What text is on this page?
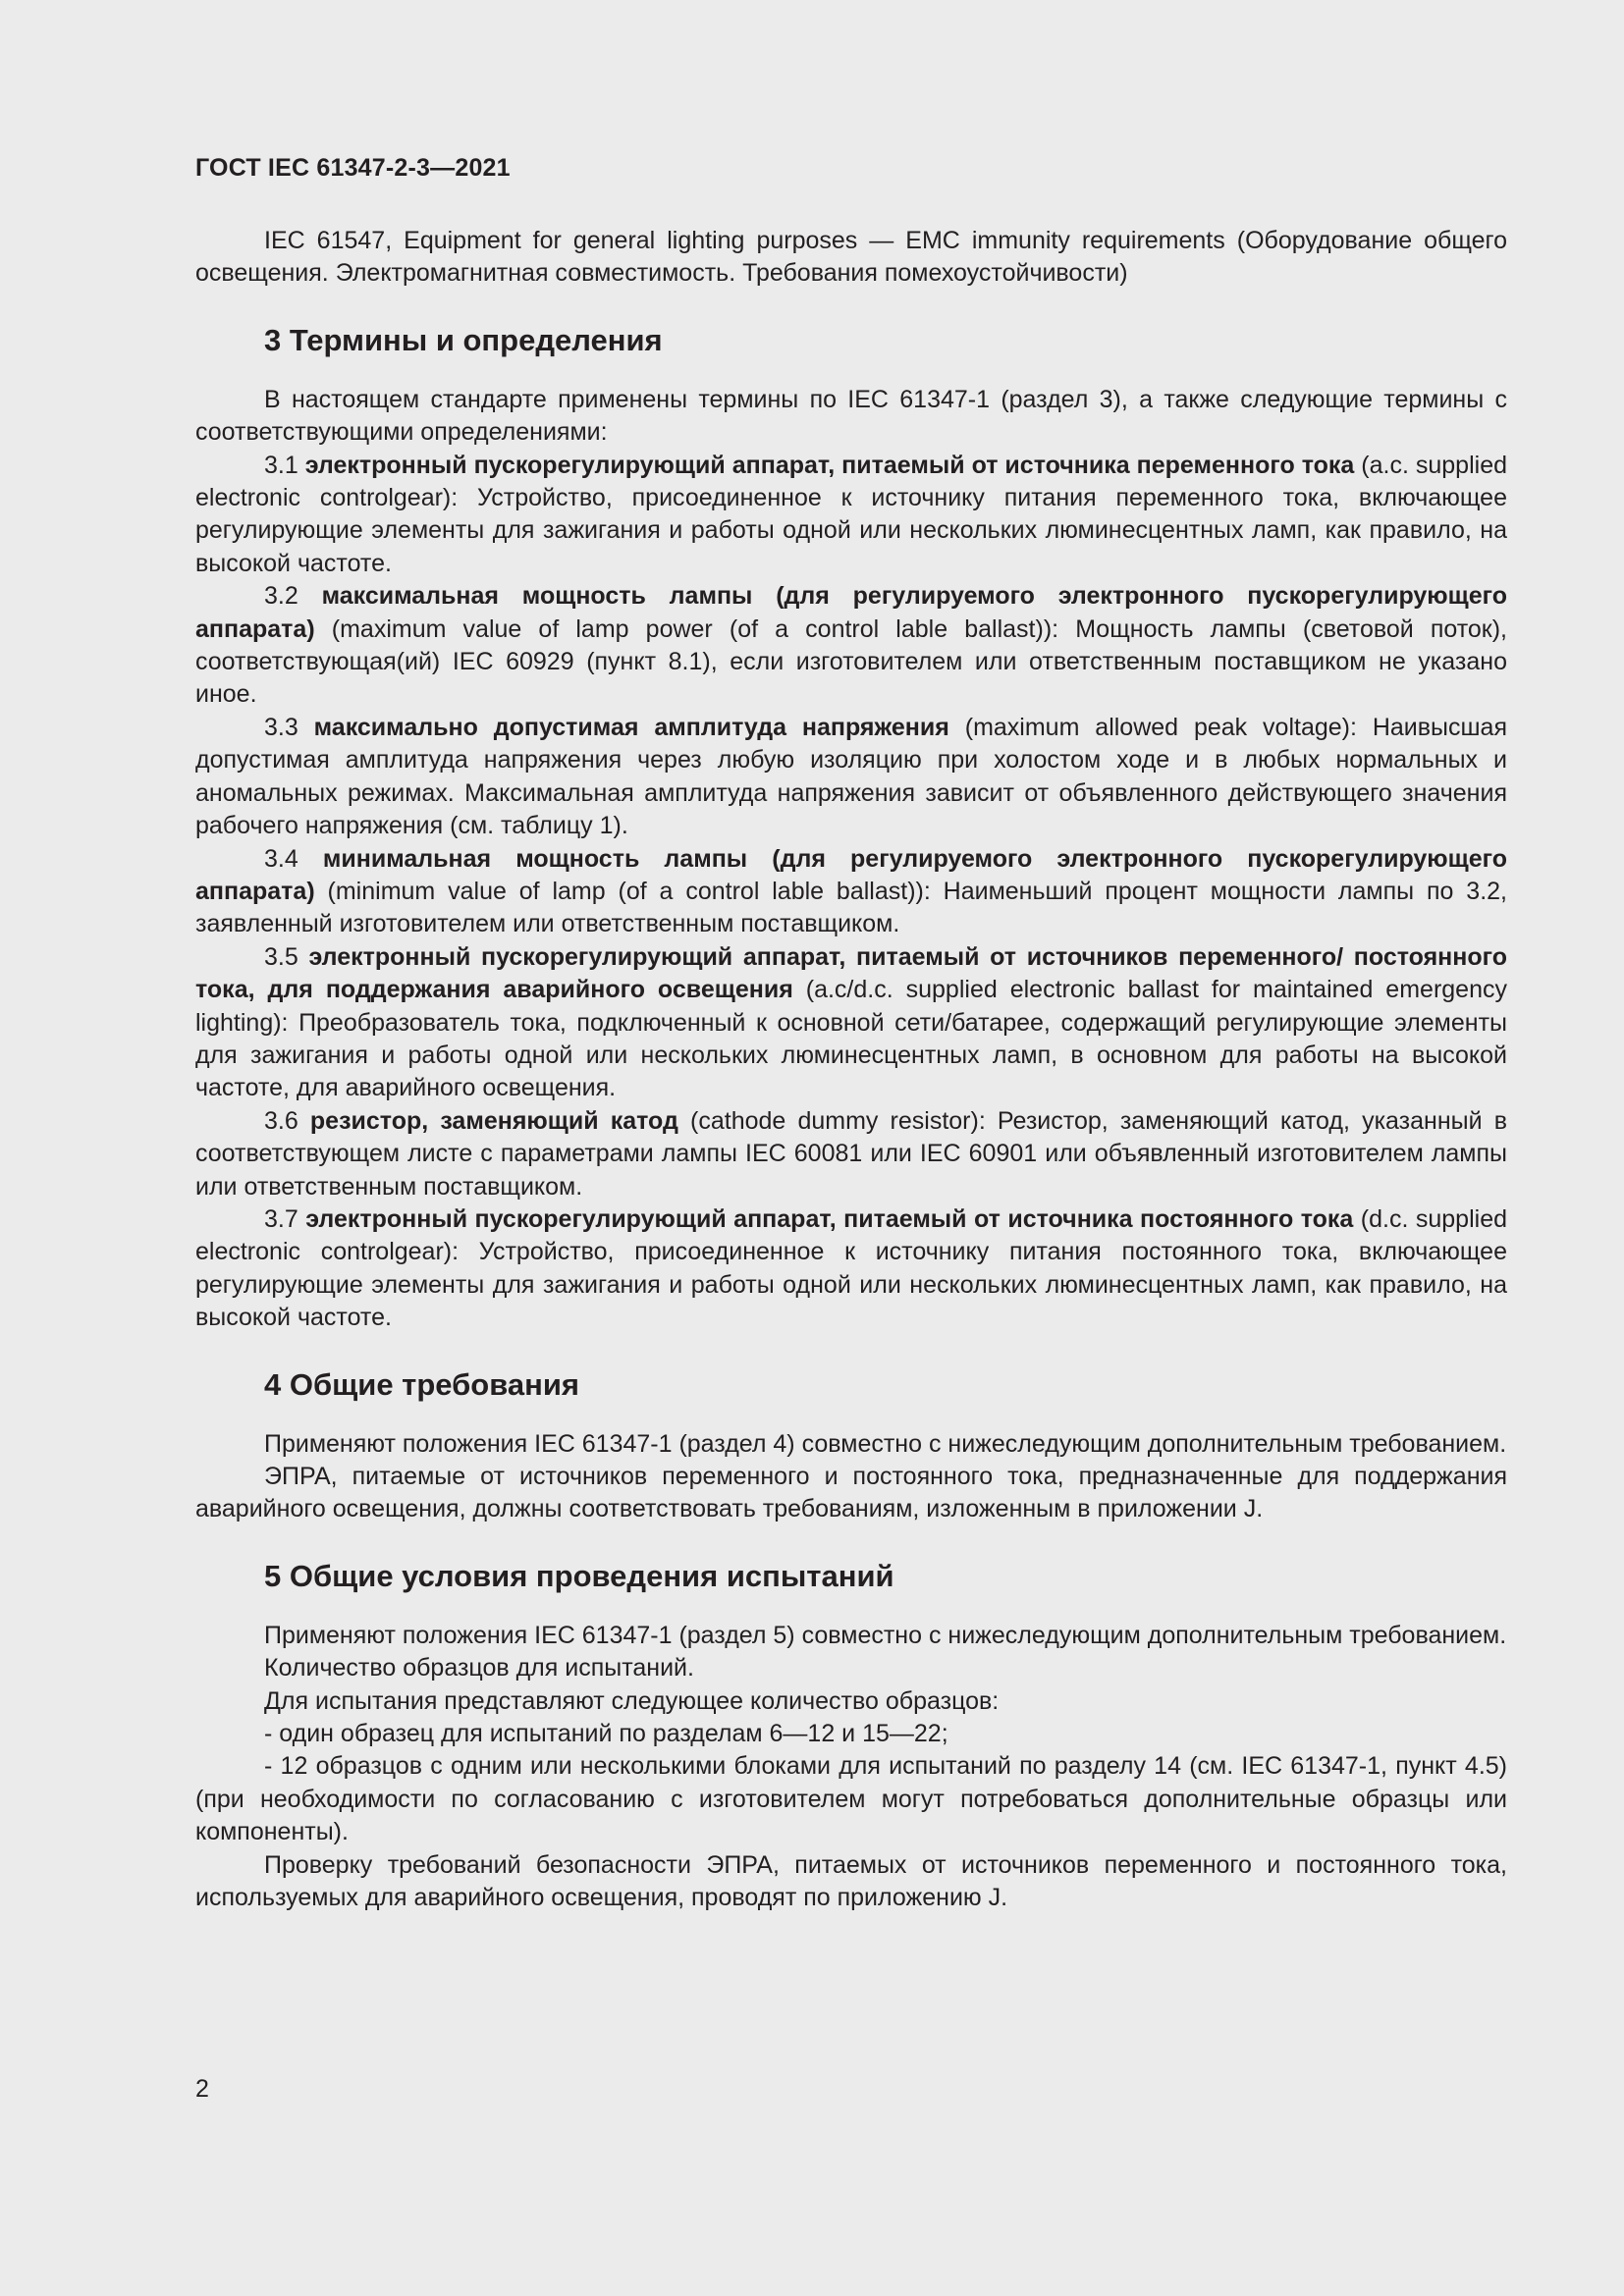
ГОСТ IEC 61347-2-3—2021

IEC 61547, Equipment for general lighting purposes — EMC immunity requirements (Оборудование общего освещения. Электромагнитная совместимость. Требования помехоустойчивости)

3 Термины и определения

В настоящем стандарте применены термины по IEC 61347-1 (раздел 3), а также следующие термины с соответствующими определениями:

3.1 электронный пускорегулирующий аппарат, питаемый от источника переменного тока (a.c. supplied electronic controlgear): Устройство, присоединенное к источнику питания переменного тока, включающее регулирующие элементы для зажигания и работы одной или нескольких люминесцентных ламп, как правило, на высокой частоте.

3.2 максимальная мощность лампы (для регулируемого электронного пускорегулирующего аппарата) (maximum value of lamp power (of a control lable ballast)): Мощность лампы (световой поток), соответствующая(ий) IEC 60929 (пункт 8.1), если изготовителем или ответственным поставщиком не указано иное.

3.3 максимально допустимая амплитуда напряжения (maximum allowed peak voltage): Наивысшая допустимая амплитуда напряжения через любую изоляцию при холостом ходе и в любых нормальных и аномальных режимах. Максимальная амплитуда напряжения зависит от объявленного действующего значения рабочего напряжения (см. таблицу 1).

3.4 минимальная мощность лампы (для регулируемого электронного пускорегулирующего аппарата) (minimum value of lamp (of a control lable ballast)): Наименьший процент мощности лампы по 3.2, заявленный изготовителем или ответственным поставщиком.

3.5 электронный пускорегулирующий аппарат, питаемый от источников переменного/ постоянного тока, для поддержания аварийного освещения (a.c/d.c. supplied electronic ballast for maintained emergency lighting): Преобразователь тока, подключенный к основной сети/батарее, содержащий регулирующие элементы для зажигания и работы одной или нескольких люминесцентных ламп, в основном для работы на высокой частоте, для аварийного освещения.

3.6 резистор, заменяющий катод (cathode dummy resistor): Резистор, заменяющий катод, указанный в соответствующем листе с параметрами лампы IEC 60081 или IEC 60901 или объявленный изготовителем лампы или ответственным поставщиком.

3.7 электронный пускорегулирующий аппарат, питаемый от источника постоянного тока (d.c. supplied electronic controlgear): Устройство, присоединенное к источнику питания постоянного тока, включающее регулирующие элементы для зажигания и работы одной или нескольких люминесцентных ламп, как правило, на высокой частоте.

4 Общие требования

Применяют положения IEC 61347-1 (раздел 4) совместно с нижеследующим дополнительным требованием.

ЭПРА, питаемые от источников переменного и постоянного тока, предназначенные для поддержания аварийного освещения, должны соответствовать требованиям, изложенным в приложении J.

5 Общие условия проведения испытаний

Применяют положения IEC 61347-1 (раздел 5) совместно с нижеследующим дополнительным требованием.

Количество образцов для испытаний.

Для испытания представляют следующее количество образцов:

- один образец для испытаний по разделам 6—12 и 15—22;

- 12 образцов с одним или несколькими блоками для испытаний по разделу 14 (см. IEC 61347-1, пункт 4.5) (при необходимости по согласованию с изготовителем могут потребоваться дополнительные образцы или компоненты).

Проверку требований безопасности ЭПРА, питаемых от источников переменного и постоянного тока, используемых для аварийного освещения, проводят по приложению J.

2
